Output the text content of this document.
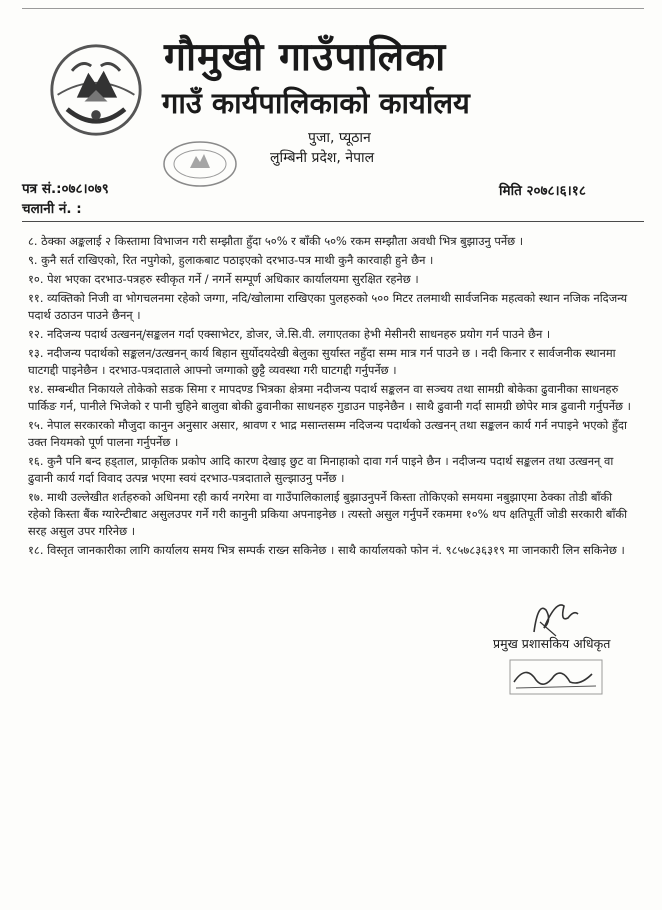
गौमुखी गाउँपालिका
गाउँ कार्यपालिकाको कार्यालय
पुजा, प्यूठान
लुम्बिनी प्रदेश, नेपाल
पत्र सं.:०७८।०७९
चलानी नं. :
मिति २०७८।६।१८

८. ठेक्का अङ्कलाई २ किस्तामा विभाजन गरी सम्झौता हुँदा ५०% र बाँकी ५०% रकम सम्झौता अवधी भित्र बुझाउनु पर्नेछ ।

९. कुनै सर्त राखिएको, रित नपुगेको, हुलाकबाट पठाइएको दरभाउ-पत्र माथी कुनै कारवाही हुने छैन ।

१०. पेश भएका दरभाउ-पत्रहरु स्वीकृत गर्ने / नगर्ने सम्पूर्ण अधिकार कार्यालयमा सुरक्षित रहनेछ ।

११. व्यक्तिको निजी वा भोगचलनमा रहेको जग्गा, नदि/खोलामा राखिएका पुलहरुको ५०० मिटर तलमाथी सार्वजनिक महत्वको स्थान नजिक नदिजन्य पदार्थ उठाउन पाउने छैनन् ।

१२. नदिजन्य पदार्थ उत्खनन्/सङ्कलन गर्दा एक्साभेटर, डोजर, जे.सि.वी. लगाएतका हेभी मेसीनरी साधनहरु प्रयोग गर्न पाउने छैन ।

१३. नदीजन्य पदार्थको सङ्कलन/उत्खनन् कार्य बिहान सुर्योदयदेखी बेलुका सुर्यास्त नहुँदा सम्म मात्र गर्न पाउने छ । नदी किनार र सार्वजनीक स्थानमा घाटगद्दी पाइनेछैन । दरभाउ-पत्रदाताले आफ्नो जग्गाको छुट्टै व्यवस्था गरी घाटगद्दी गर्नुपर्नेछ ।

१४. सम्बन्धीत निकायले तोकेको सडक सिमा र मापदण्ड भित्रका क्षेत्रमा नदीजन्य पदार्थ सङ्कलन वा सञ्चय तथा सामग्री बोकेका ढुवानीका साधनहरु पार्किङ गर्न, पानीले भिजेको र पानी चुहिने बालुवा बोकी ढुवानीका साधनहरु गुडाउन पाइनेछैन । साथै ढुवानी गर्दा सामग्री छोपेर मात्र ढुवानी गर्नुपर्नेछ ।

१५. नेपाल सरकारको मौजुदा कानुन अनुसार असार, श्रावण र भाद्र मसान्तसम्म नदिजन्य पदार्थको उत्खनन् तथा सङ्कलन कार्य गर्न नपाइने भएको हुँदा उक्त नियमको पूर्ण पालना गर्नुपर्नेछ ।

१६. कुनै पनि बन्द हड्ताल, प्राकृतिक प्रकोप आदि कारण देखाइ छुट वा मिनाहाको दावा गर्न पाइने छैन । नदीजन्य पदार्थ सङ्कलन तथा उत्खनन् वा ढुवानी कार्य गर्दा विवाद उत्पन्न भएमा स्वयं दरभाउ-पत्रदाताले सुल्झाउनु पर्नेछ ।

१७. माथी उल्लेखीत शर्तहरुको अधिनमा रही कार्य नगरेमा वा गाउँपालिकालाई बुझाउनुपर्ने किस्ता तोकिएको समयमा नबुझाएमा ठेक्का तोडी बाँकी रहेको किस्ता बैंक ग्यारेन्टीबाट असुलउपर गर्ने गरी कानुनी प्रकिया अपनाइनेछ । त्यस्तो असुल गर्नुपर्ने रकममा १०% थप क्षतिपूर्ती जोडी सरकारी बाँकी सरह असुल उपर गरिनेछ ।

१८. विस्तृत जानकारीका लागि कार्यालय समय भित्र सम्पर्क राख्न सकिनेछ । साथै कार्यालयको फोन नं. ९८५७८३६३१९ मा जानकारी लिन सकिनेछ ।

प्रमुख प्रशासकिय अधिकृत
